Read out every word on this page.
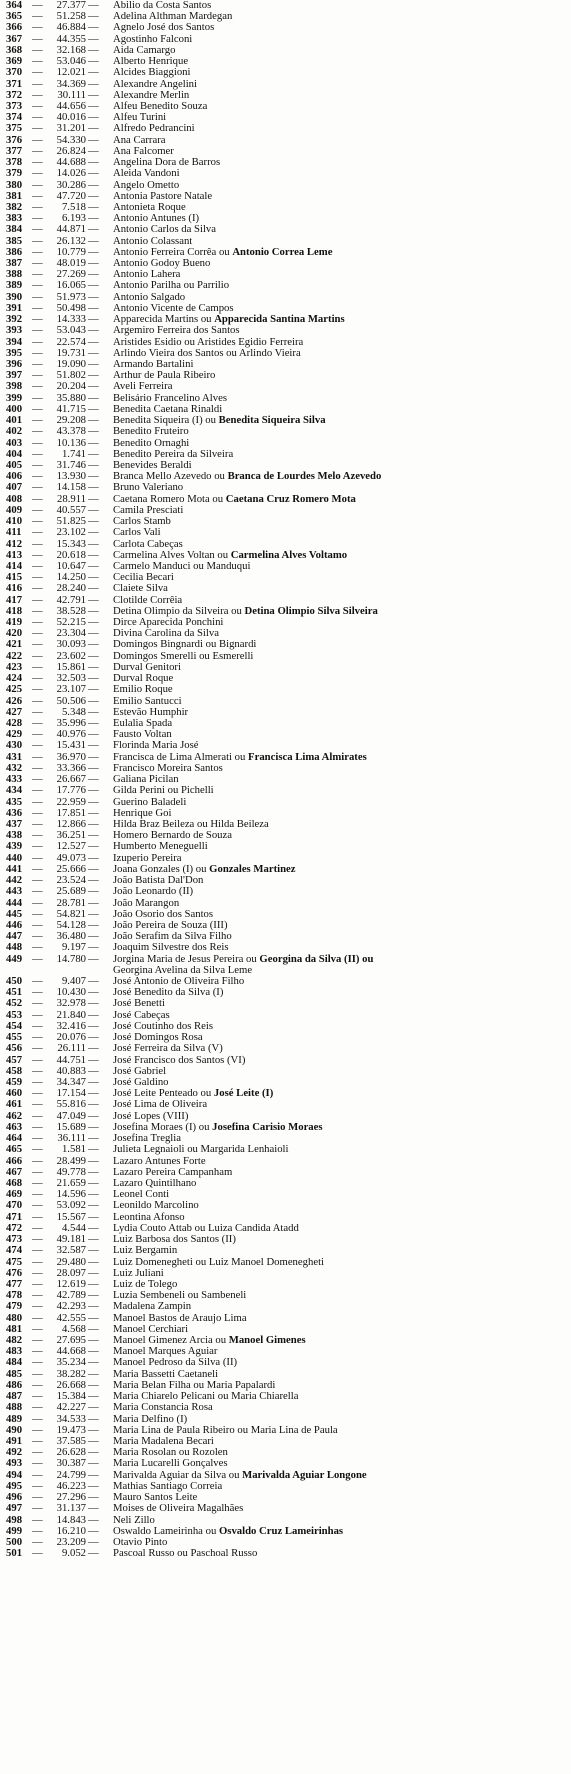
364 —	27.377 — Abilio da Costa Santos
365 —	51.258 — Adelina Althman Mardegan
366 —	46.884 — Agnelo José dos Santos
367 —	44.355 — Agostinho Falconi
368 —	32.168 — Aida Camargo
369 —	53.046 — Alberto Henrique
370 —	12.021 — Alcides Biaggioni
371 —	34.369 — Alexandre Angelini
372 —	30.111 — Alexandre Merlin
373 —	44.656 — Alfeu Benedito Souza
374 —	40.016 — Alfeu Turini
375 —	31.201 — Alfredo Pedrancini
376 —	54.330 — Ana Carrara
377 —	26.824 — Ana Falcomer
378 —	44.688 — Angelina Dora de Barros
379 —	14.026 — Aleida Vandoni
380 —	30.286 — Angelo Ometto
381 —	47.720 — Antonia Pastore Natale
382 —	7.518 — Antonieta Roque
383 —	6.193 — Antonio Antunes (I)
384 —	44.871 — Antonio Carlos da Silva
385 —	26.132 — Antonio Colassant
386 —	10.779 — Antonio Ferreira Corrêa ou Antonio Correa Leme
387 —	48.019 — Antonio Godoy Bueno
388 —	27.269 — Antonio Lahera
389 —	16.065 — Antonio Parilha ou Parrilio
390 —	51.973 — Antonio Salgado
391 —	50.498 — Antonio Vicente de Campos
392 —	14.333 — Apparecida Martins ou Apparecida Santina Martins
393 —	53.043 — Argemiro Ferreira dos Santos
394 —	22.574 — Aristides Esidio ou Aristides Egidio Ferreira
395 —	19.731 — Arlindo Vieira dos Santos ou Arlindo Vieira
396 —	19.090 — Armando Bartalini
397 —	51.802 — Arthur de Paula Ribeiro
398 —	20.204 — Aveli Ferreira
399 —	35.880 — Belisário Francelino Alves
400 —	41.715 — Benedita Caetana Rinaldi
401 —	29.208 — Benedita Siqueira (I) ou Benedita Siqueira Silva
402 —	43.378 — Benedito Fruteiro
403 —	10.136 — Benedito Ornaghi
404 —	1.741 — Benedito Pereira da Silveira
405 —	31.746 — Benevides Beraldi
406 —	13.930 — Branca Mello Azevedo ou Branca de Lourdes Melo Azevedo
407 —	14.158 — Bruno Valeriano
408 —	28.911 — Caetana Romero Mota ou Caetana Cruz Romero Mota
409 —	40.557 — Camila Presciati
410 —	51.825 — Carlos Stamb
411 —	23.102 — Carlos Vali
412 —	15.343 — Carlota Cabeças
413 —	20.618 — Carmelina Alves Voltan ou Carmelina Alves Voltamo
414 —	10.647 — Carmelo Manduci ou Manduqui
415 —	14.250 — Cecilia Becari
416 —	28.240 — Claiete Silva
417 —	42.791 — Clotilde Corrêia
418 —	38.528 — Detina Olimpio da Silveira ou Detina Olimpio Silva Silveira
419 —	52.215 — Dirce Aparecida Ponchini
420 —	23.304 — Divina Carolina da Silva
421 —	30.093 — Domingos Bingnardi ou Bignardi
422 —	23.602 — Domingos Smerelli ou Esmerelli
423 —	15.861 — Durval Genitori
424 —	32.503 — Durval Roque
425 —	23.107 — Emilio Roque
426 —	50.506 — Emilio Santucci
427 —	5.348 — Estevão Humphir
428 —	35.996 — Eulalia Spada
429 —	40.976 — Fausto Voltan
430 —	15.431 — Florinda Maria José
431 —	36.970 — Francisca de Lima Almerati ou Francisca Lima Almirates
432 —	33.366 — Francisco Moreira Santos
433 —	26.667 — Galiana Picilan
434 —	17.776 — Gilda Perini ou Pichelli
435 —	22.959 — Guerino Baladeli
436 —	17.851 — Henrique Goi
437 —	12.866 — Hilda Braz Beileza ou Hilda Beileza
438 —	36.251 — Homero Bernardo de Souza
439 —	12.527 — Humberto Meneguelli
440 —	49.073 — Izuperio Pereira
441 —	25.666 — Joana Gonzales (I) ou Gonzales Martinez
442 —	23.524 — João Batista Dal'Don
443 —	25.689 — João Leonardo (II)
444 —	28.781 — João Marangon
445 —	54.821 — João Osorio dos Santos
446 —	54.128 — João Pereira de Souza (III)
447 —	36.480 — João Serafim da Silva Filho
448 —	9.197 — Joaquim Silvestre dos Reis
449 —	14.780 — Jorgina Maria de Jesus Pereira ou Georgina da Silva (II) ou
Georgina Avelina da Silva Leme
450 —	9.407 — José Antonio de Oliveira Filho
451 —	10.430 — José Benedito da Silva (I)
452 —	32.978 — José Benetti
453 —	21.840 — José Cabeças
454 —	32.416 — José Coutinho dos Reis
455 —	20.076 — José Domingos Rosa
456 —	26.111 — José Ferreira da Silva (V)
457 —	44.751 — José Francisco dos Santos (VI)
458 —	40.883 — José Gabriel
459 —	34.347 — José Galdino
460 —	17.154 — José Leite Penteado ou José Leite (I)
461 —	55.816 — José Lima de Oliveira
462 —	47.049 — José Lopes (VIII)
463 —	15.689 — Josefina Moraes (I) ou Josefina Carisio Moraes
464 —	36.111 — Josefina Treglia
465 —	1.581 — Julieta Legnaioli ou Margarida Lenhaioli
466 —	28.499 — Lazaro Antunes Forte
467 —	49.778 — Lazaro Pereira Campanham
468 —	21.659 — Lazaro Quintilhano
469 —	14.596 — Leonel Conti
470 —	53.092 — Leonildo Marcolino
471 —	15.567 — Leontina Afonso
472 —	4.544 — Lydia Couto Attab ou Luiza Candida Atadd
473 —	49.181 — Luiz Barbosa dos Santos (II)
474 —	32.587 — Luiz Bergamin
475 —	29.480 — Luiz Domenegheti ou Luiz Manoel Domenegheti
476 —	28.097 — Luiz Juliani
477 —	12.619 — Luiz de Tolego
478 —	42.789 — Luzia Sembeneli ou Sambeneli
479 —	42.293 — Madalena Zampin
480 —	42.555 — Manoel Bastos de Araujo Lima
481 —	4.568 — Manoel Cerchiari
482 —	27.695 — Manoel Gimenez Arcia ou Manoel Gimenes
483 —	44.668 — Manoel Marques Aguiar
484 —	35.234 — Manoel Pedroso da Silva (II)
485 —	38.282 — Maria Bassetti Caetaneli
486 —	26.668 — Maria Belan Filha ou Maria Papalardi
487 —	15.384 — Maria Chiarelo Pelicani ou Maria Chiarella
488 —	42.227 — Maria Constancia Rosa
489 —	34.533 — Maria Delfino (I)
490 —	19.473 — Maria Lina de Paula Ribeiro ou Maria Lina de Paula
491 —	37.585 — Maria Madalena Becari
492 —	26.628 — Maria Rosolan ou Rozolen
493 —	30.387 — Maria Lucarelli Gonçalves
494 —	24.799 — Marivalda Aguiar da Silva ou Marivalda Aguiar Longone
495 —	46.223 — Mathias Santiago Correia
496 —	27.296 — Mauro Santos Leite
497 —	31.137 — Moises de Oliveira Magalhães
498 —	14.843 — Neli Zillo
499 —	16.210 — Oswaldo Lameirinha ou Osvaldo Cruz Lameirinhas
500 —	23.209 — Otavio Pinto
501 —	9.052 — Pascoal Russo ou Paschoal Russo
